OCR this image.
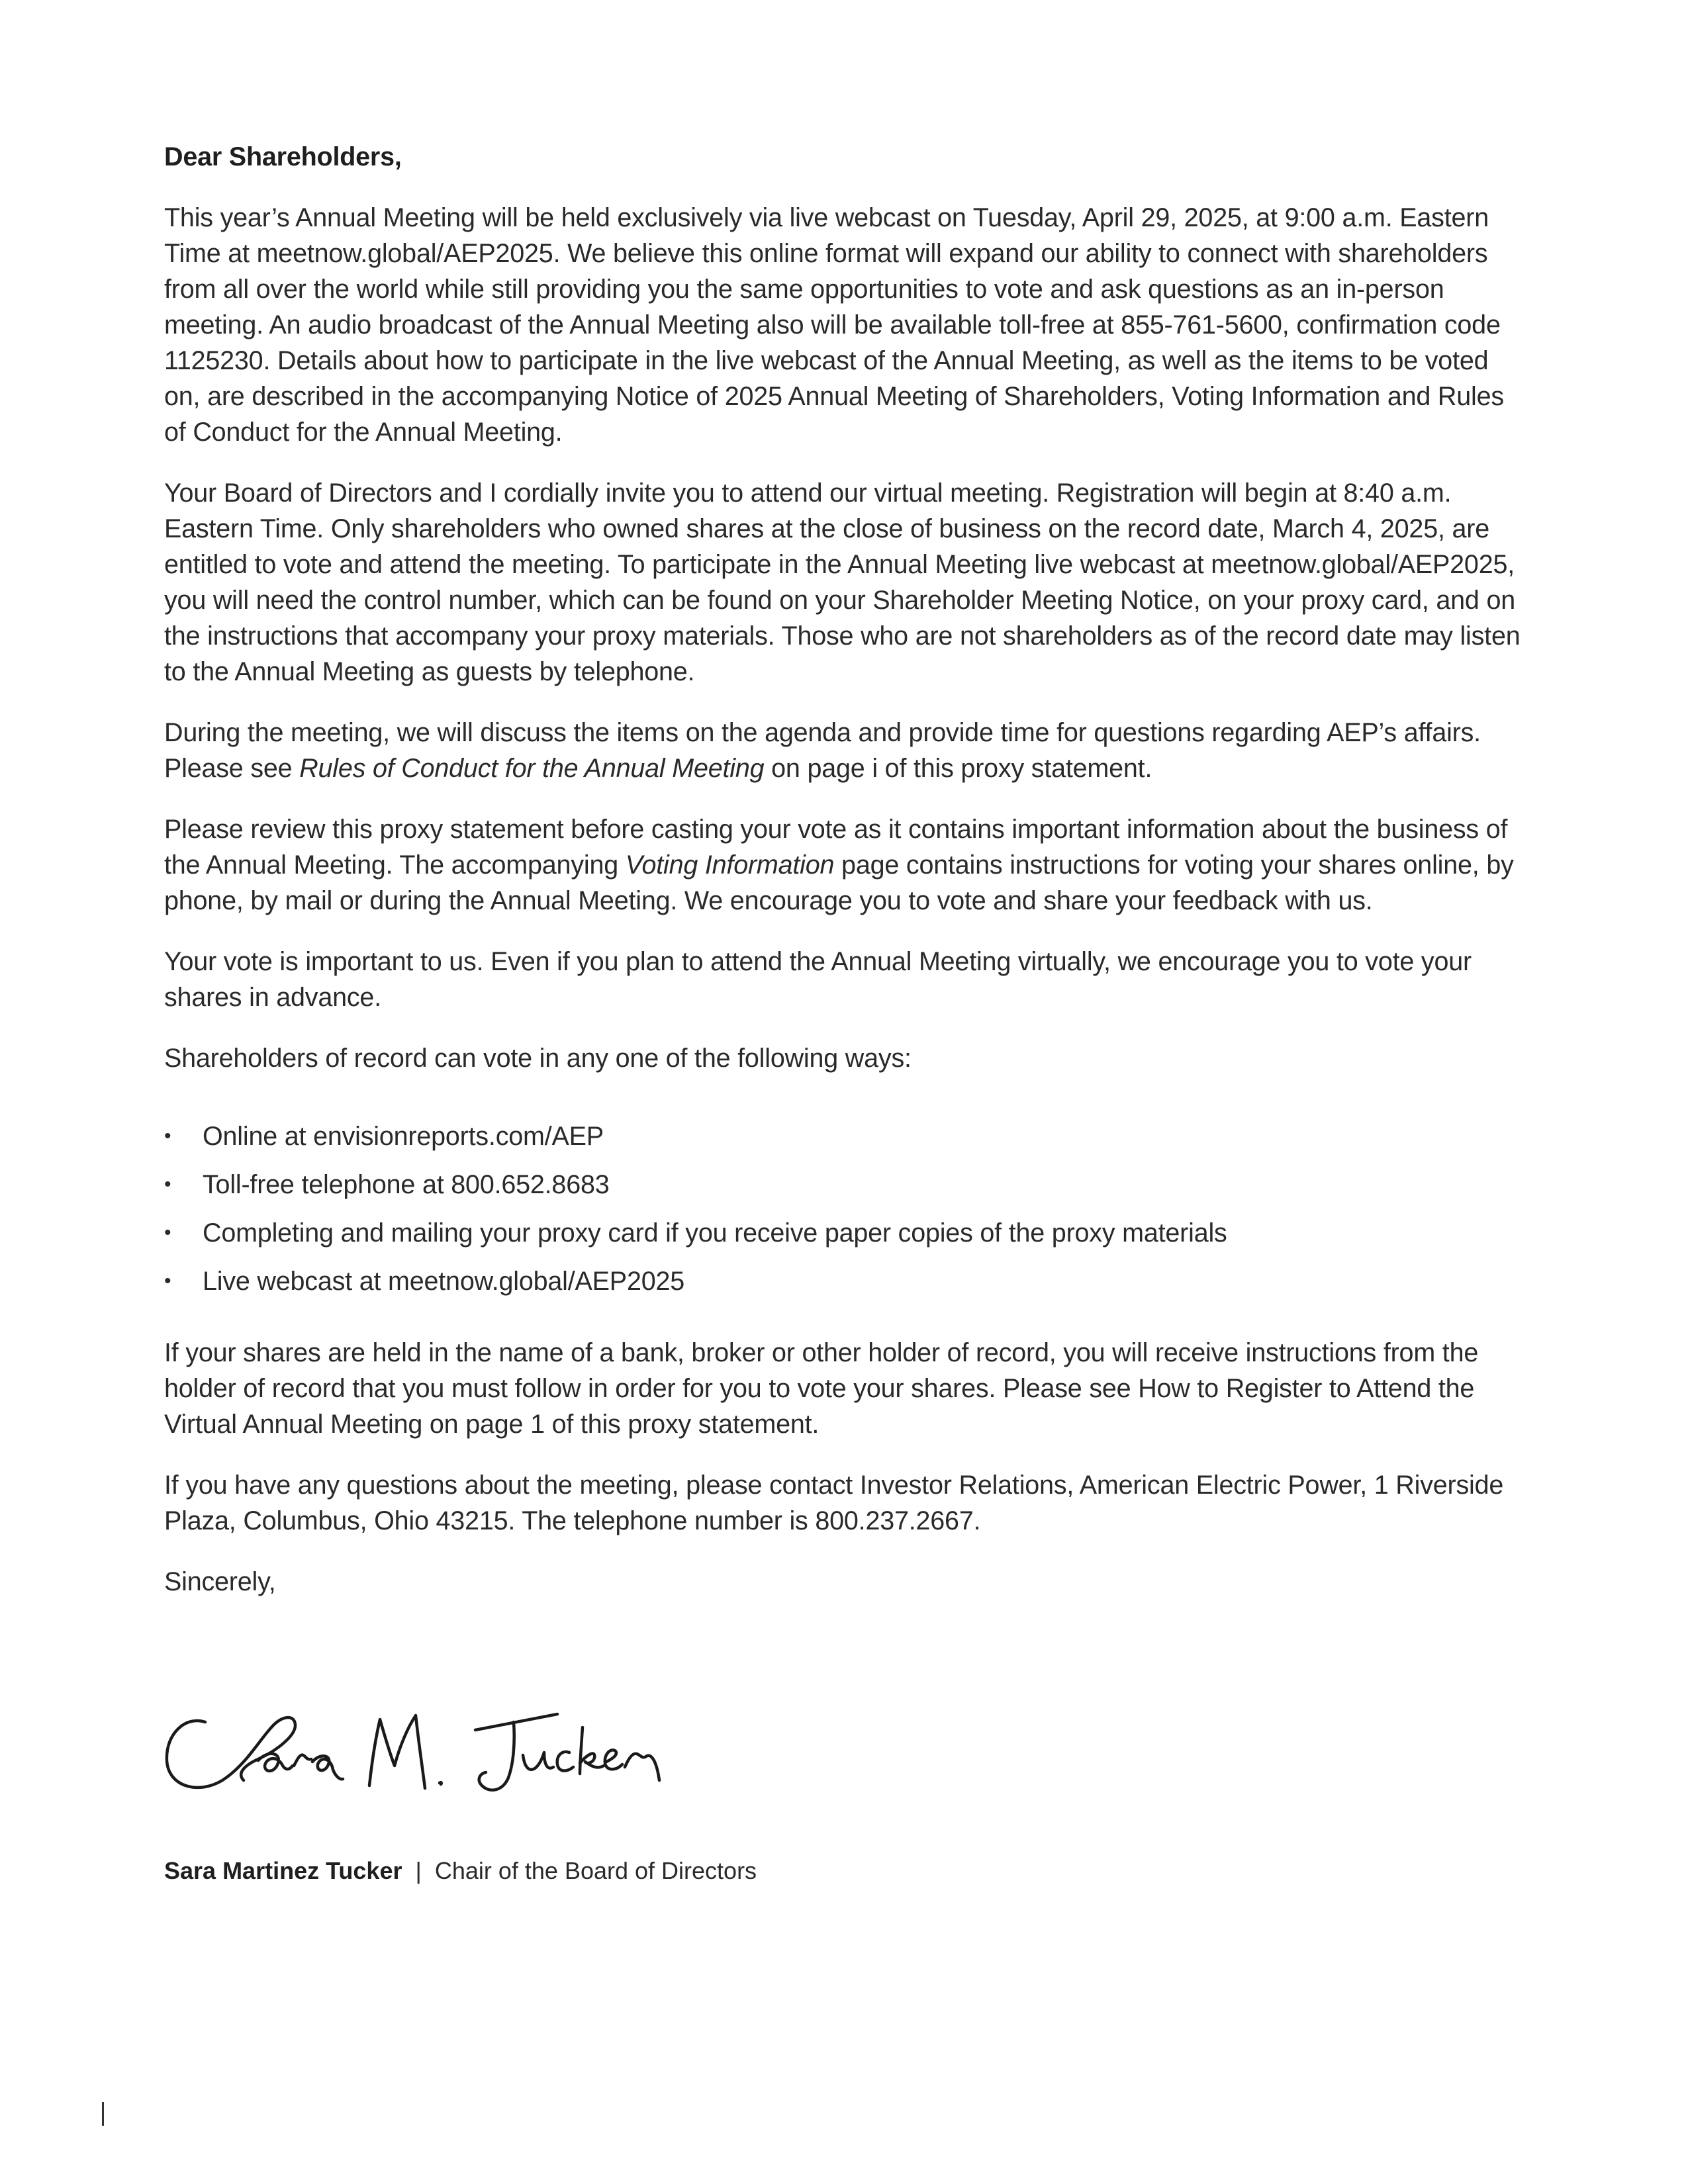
Dear Shareholders,

This year’s Annual Meeting will be held exclusively via live webcast on Tuesday, April 29, 2025, at 9:00 a.m. Eastern Time at meetnow.global/AEP2025. We believe this online format will expand our ability to connect with shareholders from all over the world while still providing you the same opportunities to vote and ask questions as an in-person meeting. An audio broadcast of the Annual Meeting also will be available toll-free at 855-761-5600, confirmation code 1125230. Details about how to participate in the live webcast of the Annual Meeting, as well as the items to be voted on, are described in the accompanying Notice of 2025 Annual Meeting of Shareholders, Voting Information and Rules of Conduct for the Annual Meeting.

Your Board of Directors and I cordially invite you to attend our virtual meeting. Registration will begin at 8:40 a.m. Eastern Time. Only shareholders who owned shares at the close of business on the record date, March 4, 2025, are entitled to vote and attend the meeting. To participate in the Annual Meeting live webcast at meetnow.global/AEP2025, you will need the control number, which can be found on your Shareholder Meeting Notice, on your proxy card, and on the instructions that accompany your proxy materials. Those who are not shareholders as of the record date may listen to the Annual Meeting as guests by telephone.

During the meeting, we will discuss the items on the agenda and provide time for questions regarding AEP’s affairs. Please see Rules of Conduct for the Annual Meeting on page i of this proxy statement.

Please review this proxy statement before casting your vote as it contains important information about the business of the Annual Meeting. The accompanying Voting Information page contains instructions for voting your shares online, by phone, by mail or during the Annual Meeting. We encourage you to vote and share your feedback with us.

Your vote is important to us. Even if you plan to attend the Annual Meeting virtually, we encourage you to vote your shares in advance.

Shareholders of record can vote in any one of the following ways:

• Online at envisionreports.com/AEP
• Toll-free telephone at 800.652.8683
• Completing and mailing your proxy card if you receive paper copies of the proxy materials
• Live webcast at meetnow.global/AEP2025

If your shares are held in the name of a bank, broker or other holder of record, you will receive instructions from the holder of record that you must follow in order for you to vote your shares. Please see How to Register to Attend the Virtual Annual Meeting on page 1 of this proxy statement.

If you have any questions about the meeting, please contact Investor Relations, American Electric Power, 1 Riverside Plaza, Columbus, Ohio 43215. The telephone number is 800.237.2667.

Sincerely,

Sara Martinez Tucker | Chair of the Board of Directors
